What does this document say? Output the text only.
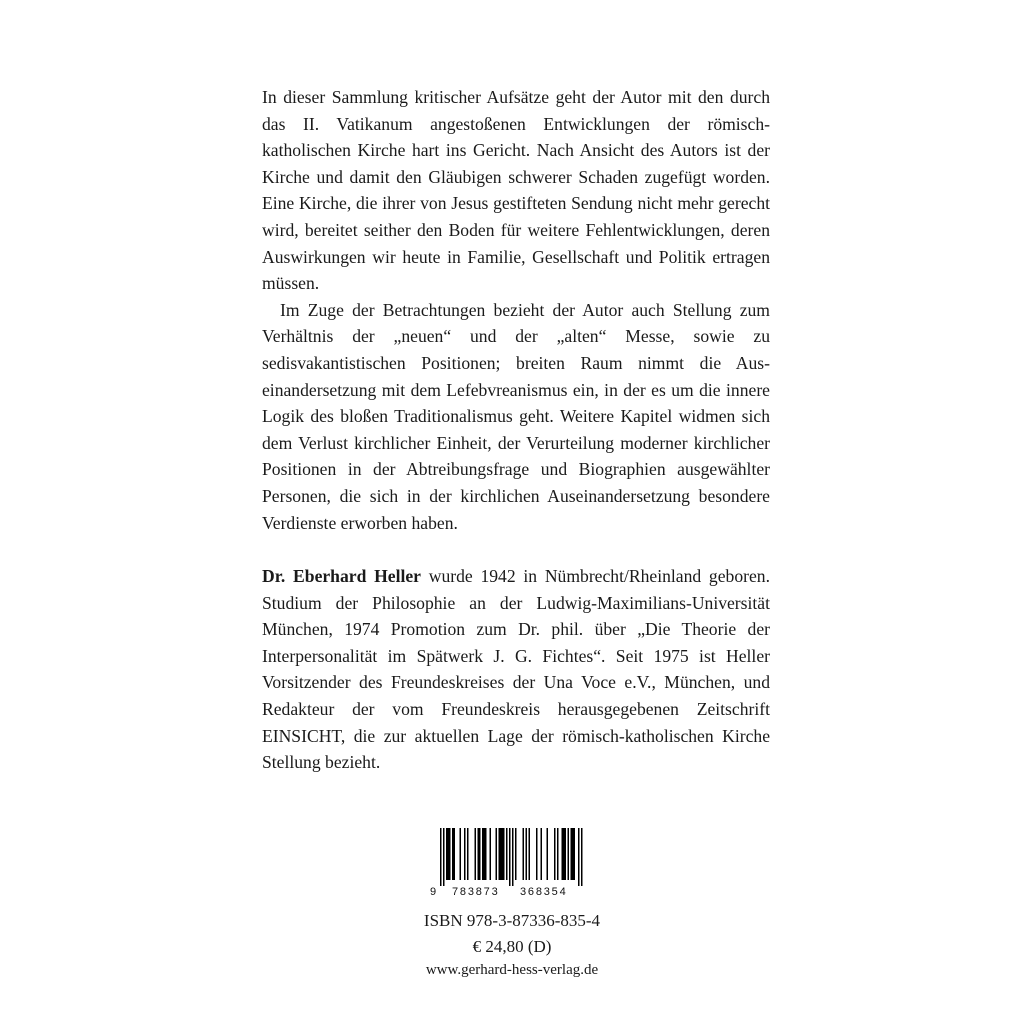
In dieser Sammlung kritischer Aufsätze geht der Autor mit den durch das II. Vatikanum angestoßenen Entwicklungen der römisch-katholischen Kirche hart ins Gericht. Nach Ansicht des Autors ist der Kirche und damit den Gläubigen schwerer Schaden zugefügt worden. Eine Kirche, die ihrer von Jesus gestifteten Sendung nicht mehr gerecht wird, bereitet seither den Boden für weitere Fehlentwicklungen, deren Auswirkungen wir heute in Familie, Gesellschaft und Politik ertragen müssen.

Im Zuge der Betrachtungen bezieht der Autor auch Stellung zum Verhältnis der „neuen“ und der „alten“ Messe, sowie zu sedisvakantistischen Positionen; breiten Raum nimmt die Auseinandersetzung mit dem Lefebvreanismus ein, in der es um die innere Logik des bloßen Traditionalismus geht. Weitere Kapitel widmen sich dem Verlust kirchlicher Einheit, der Verurteilung moderner kirchlicher Positionen in der Abtreibungsfrage und Biographien ausgewählter Personen, die sich in der kirchlichen Auseinandersetzung besondere Verdienste erworben haben.

Dr. Eberhard Heller wurde 1942 in Nümbrecht/Rheinland geboren. Studium der Philosophie an der Ludwig-Maximilians-Universität München, 1974 Promotion zum Dr. phil. über „Die Theorie der Interpersonalität im Spätwerk J. G. Fichtes“. Seit 1975 ist Heller Vorsitzender des Freundeskreises der Una Voce e.V., München, und Redakteur der vom Freundeskreis herausgegebenen Zeitschrift EINSICHT, die zur aktuellen Lage der römisch-katholischen Kirche Stellung bezieht.

9 783873 368354
ISBN 978-3-87336-835-4
€ 24,80 (D)
www.gerhard-hess-verlag.de
